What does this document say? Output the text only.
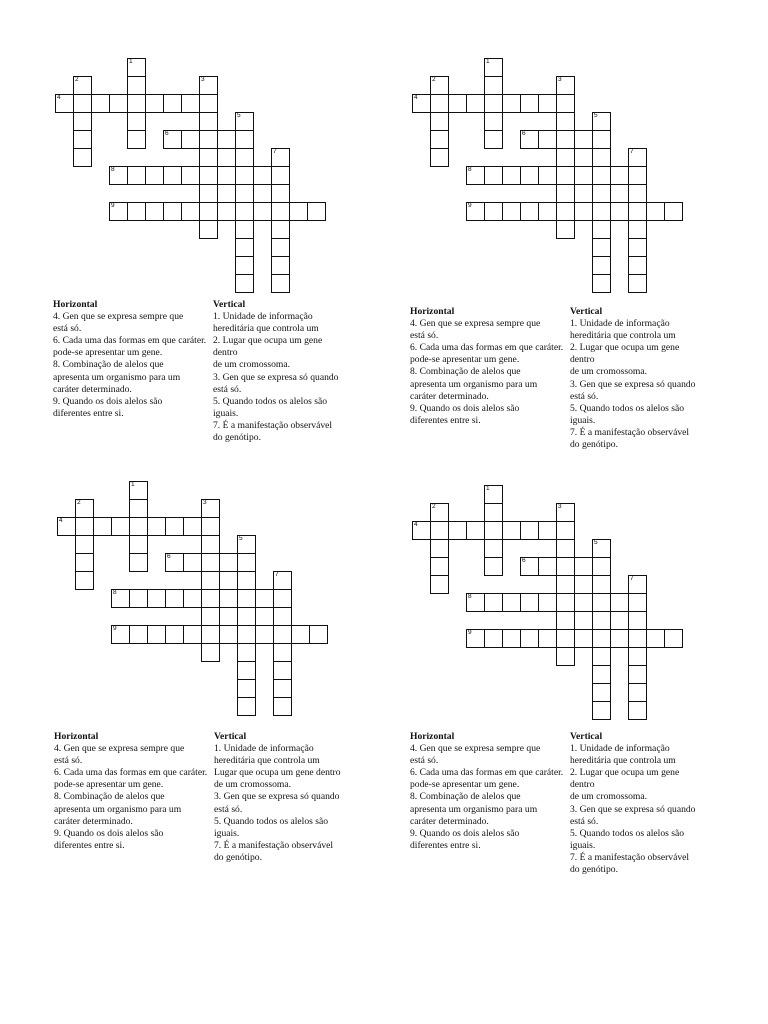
4
6
8
9
1
2	3
5
7
Horizontal

4. Gen que se expresa sempre que
está só.

6. Cada uma das formas em que caráter.
pode-se apresentar um gene.

8. Combinação de alelos que
apresenta um organismo para um
caráter determinado.

9. Quando os dois alelos são
diferentes entre si.

Vertical

1. Unidade de informação
hereditária que controla um

2. Lugar que ocupa um gene dentro
de um cromossoma.

3. Gen que se expresa só quando
está só.

5. Quando todos os alelos são
iguais.

7. É a manifestação observável
do genótipo.

4
6
8
9
1
2	3
5
7
Horizontal

4. Gen que se expresa sempre que
está só.

6. Cada uma das formas em que caráter.
pode-se apresentar um gene.

8. Combinação de alelos que
apresenta um organismo para um
caráter determinado.

9. Quando os dois alelos são
diferentes entre si.

Vertical

1. Unidade de informação
hereditária que controla um

2. Lugar que ocupa um gene dentro
de um cromossoma.

3. Gen que se expresa só quando
está só.

5. Quando todos os alelos são
iguais.

7. É a manifestação observável
do genótipo.

4
6
8
9
1
2	3
5
7
Horizontal

4. Gen que se expresa sempre que
está só.

6. Cada uma das formas em que caráter.
pode-se apresentar um gene.

8. Combinação de alelos que
apresenta um organismo para um
caráter determinado.

9. Quando os dois alelos são
diferentes entre si.

Vertical

1. Unidade de informação
hereditária que controla um

Lugar que ocupa um gene dentro
de um cromossoma.

3. Gen que se expresa só quando
está só.

5. Quando todos os alelos são
iguais.

7. É a manifestação observável
do genótipo.

4
6
8
9
1
2	3
5
7
Horizontal

4. Gen que se expresa sempre que
está só.

6. Cada uma das formas em que caráter.
pode-se apresentar um gene.

8. Combinação de alelos que
apresenta um organismo para um
caráter determinado.

9. Quando os dois alelos são
diferentes entre si.

Vertical

1. Unidade de informação
hereditária que controla um

2. Lugar que ocupa um gene dentro
de um cromossoma.

3. Gen que se expresa só quando
está só.

5. Quando todos os alelos são
iguais.

7. É a manifestação observável
do genótipo.
